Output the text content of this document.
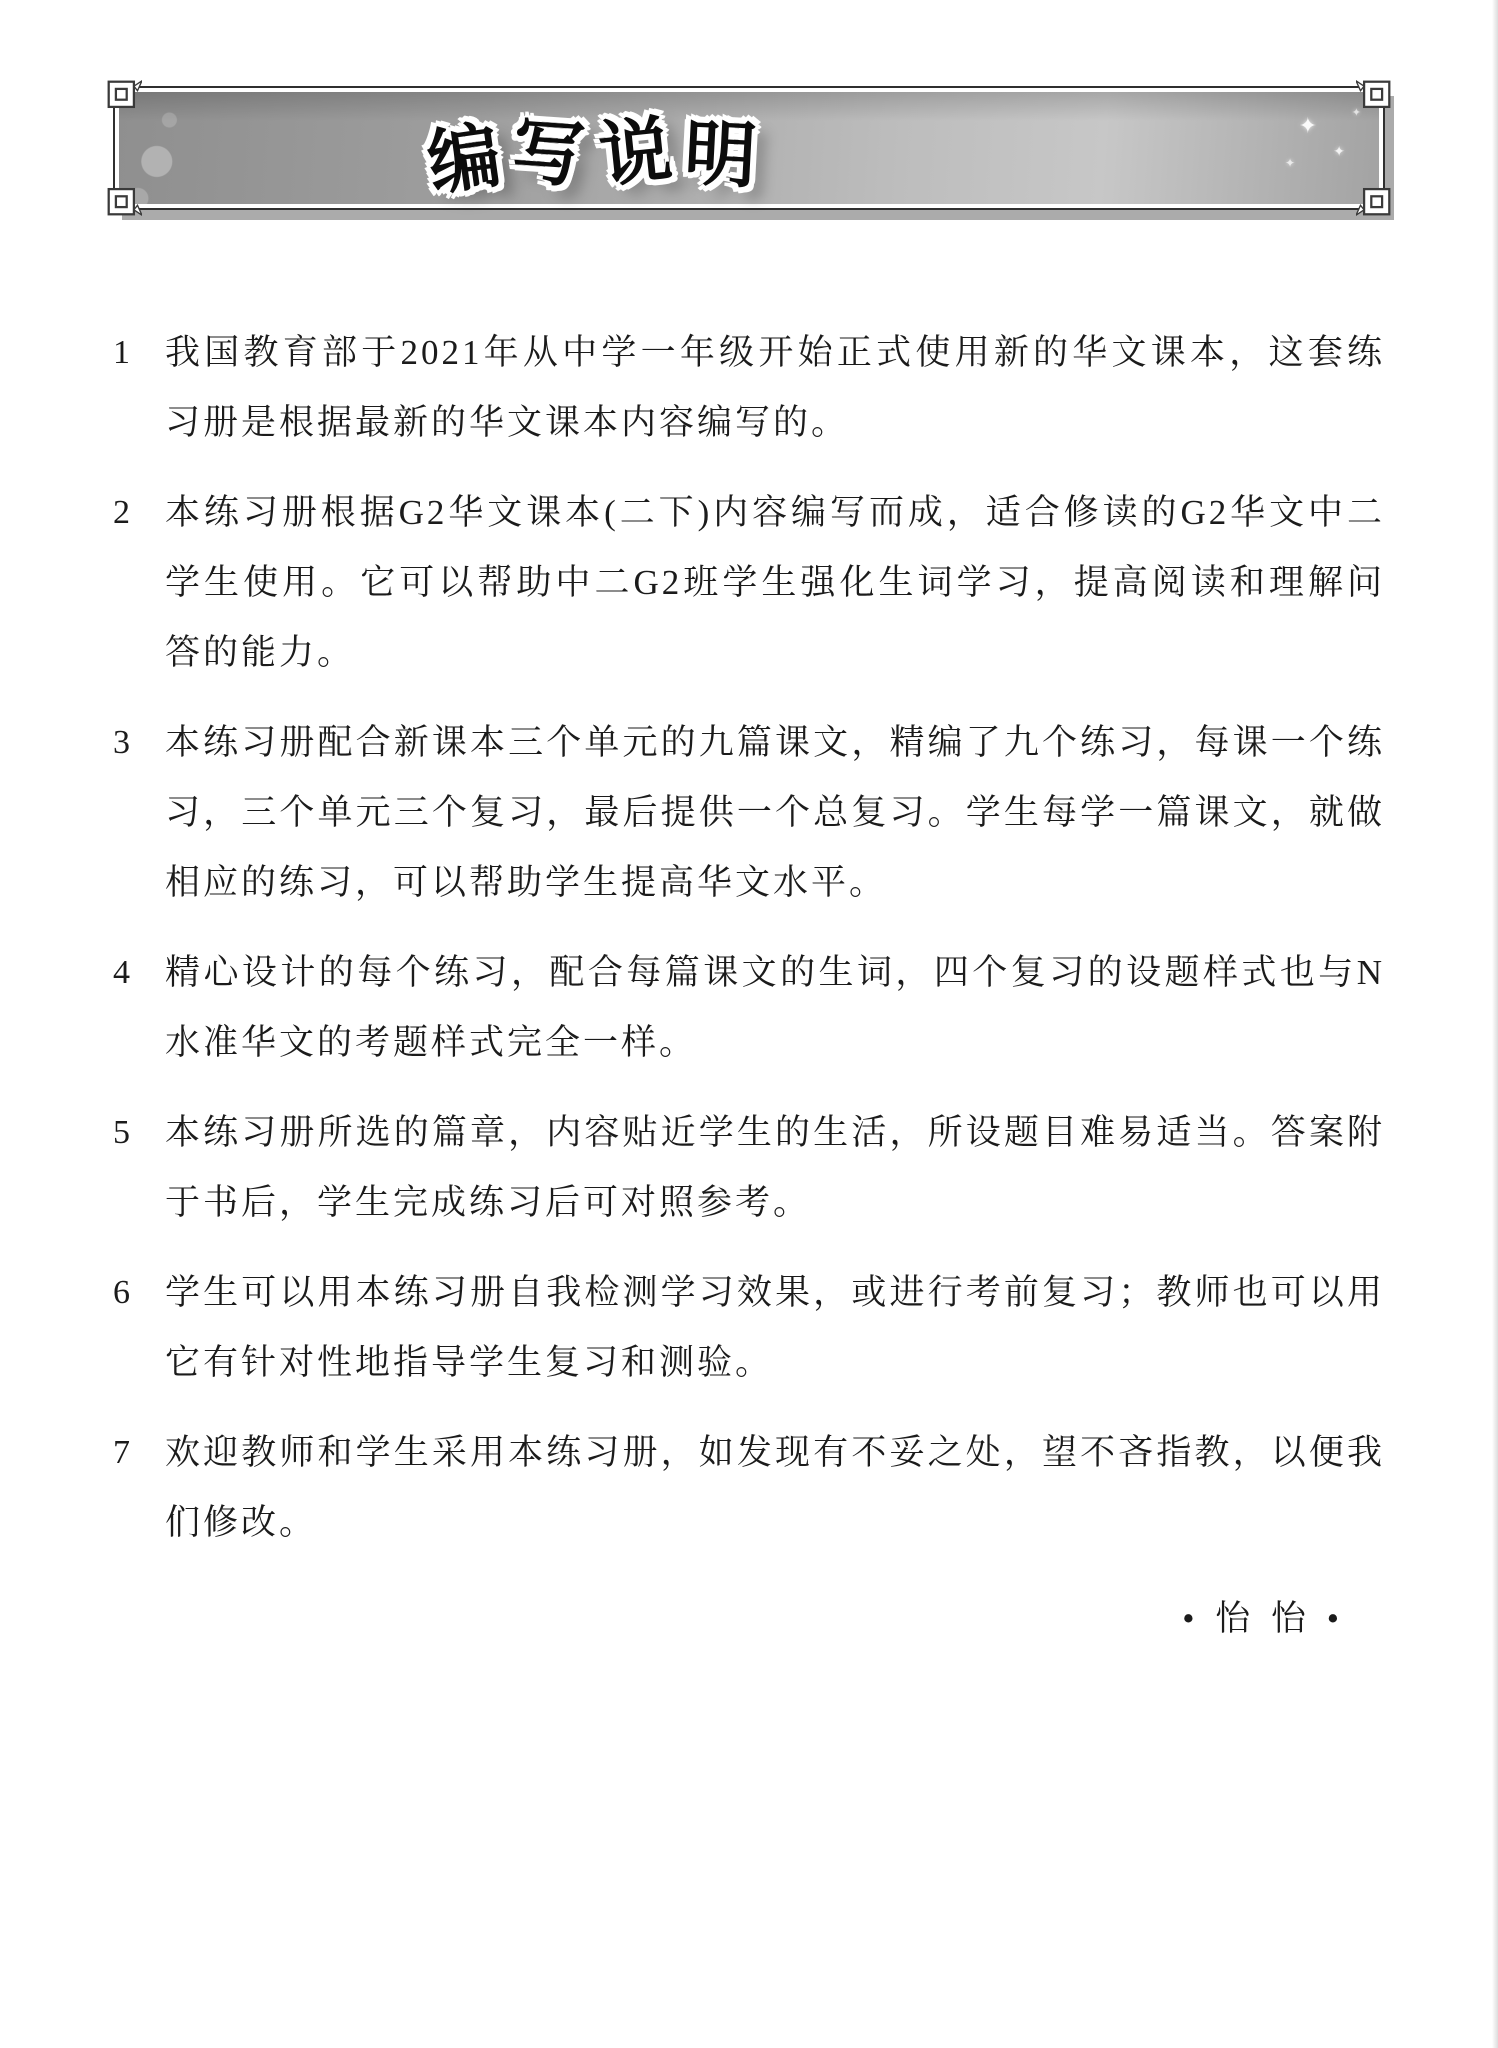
编写说明	✦
✦
✦
✦
1	我国教育部于2021年从中学一年级开始正式使用新的华文课本，这套练习册是根据最新的华文课本内容编写的。
2	本练习册根据G2华文课本(二下)内容编写而成，适合修读的G2华文中二学生使用。它可以帮助中二G2班学生强化生词学习，提高阅读和理解问答的能力。
3	本练习册配合新课本三个单元的九篇课文，精编了九个练习，每课一个练习，三个单元三个复习，最后提供一个总复习。学生每学一篇课文，就做相应的练习，可以帮助学生提高华文水平。
4	精心设计的每个练习，配合每篇课文的生词，四个复习的设题样式也与N水准华文的考题样式完全一样。
5	本练习册所选的篇章，内容贴近学生的生活，所设题目难易适当。答案附于书后，学生完成练习后可对照参考。
6	学生可以用本练习册自我检测学习效果，或进行考前复习；教师也可以用它有针对性地指导学生复习和测验。
7	欢迎教师和学生采用本练习册，如发现有不妥之处，望不吝指教，以便我们修改。
• 怡 怡 •
